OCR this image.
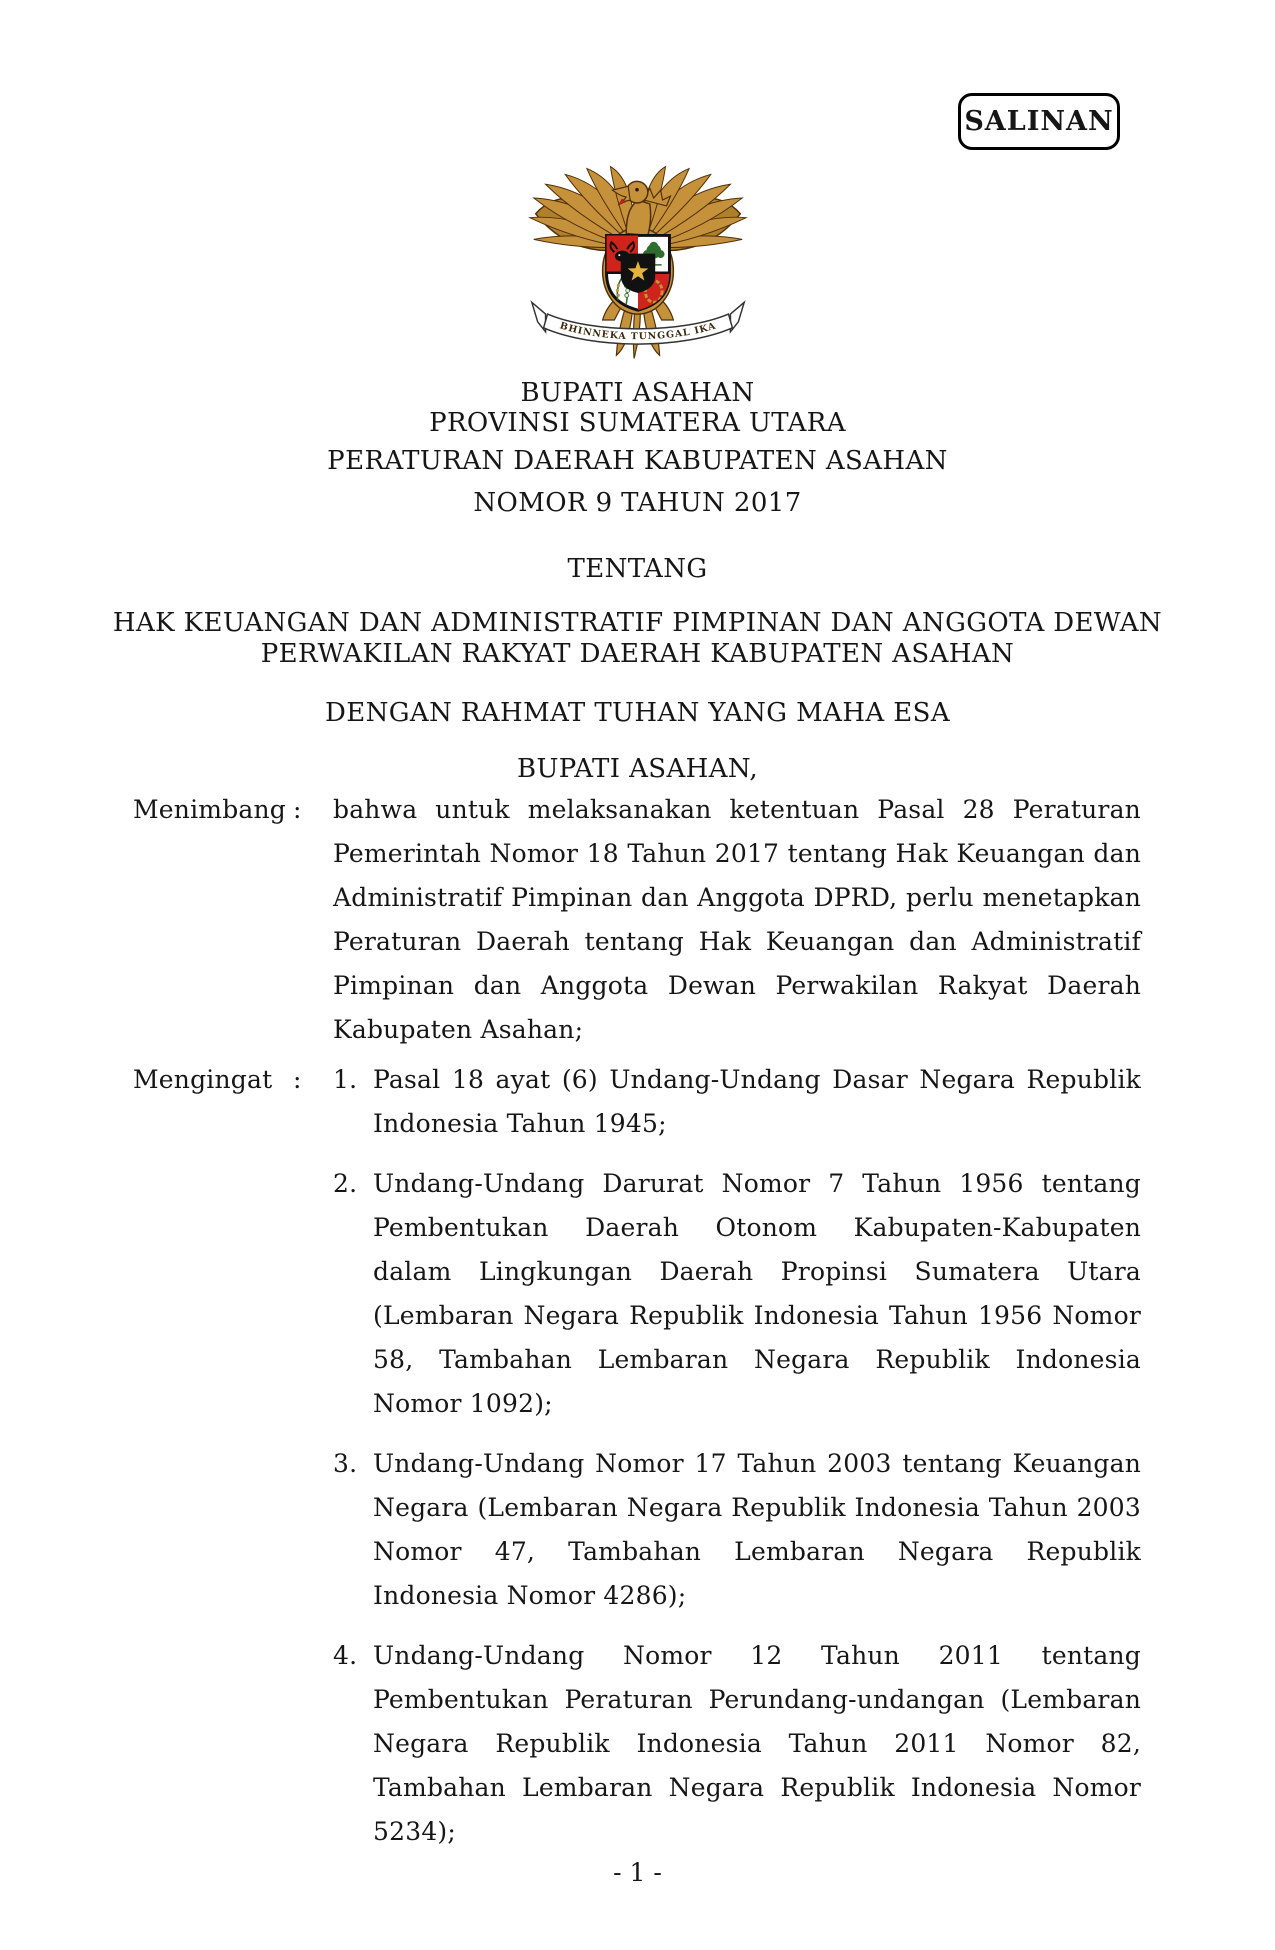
SALINAN
BHINNEKA TUNGGAL IKA
BUPATI ASAHAN
PROVINSI SUMATERA UTARA
PERATURAN DAERAH KABUPATEN ASAHAN
NOMOR 9 TAHUN 2017
TENTANG
HAK KEUANGAN DAN ADMINISTRATIF PIMPINAN DAN ANGGOTA DEWAN
PERWAKILAN RAKYAT DAERAH KABUPATEN ASAHAN
DENGAN RAHMAT TUHAN YANG MAHA ESA
BUPATI ASAHAN,
Menimbang :	bahwa untuk melaksanakan ketentuan Pasal 28 Peraturan Pemerintah Nomor 18 Tahun 2017 tentang Hak Keuangan dan Administratif Pimpinan dan Anggota DPRD, perlu menetapkan Peraturan Daerah tentang Hak Keuangan dan Administratif Pimpinan dan Anggota Dewan Perwakilan Rakyat Daerah Kabupaten Asahan;
Mengingat :	1. Pasal 18 ayat (6) Undang-Undang Dasar Negara Republik Indonesia Tahun 1945;
2. Undang-Undang Darurat Nomor 7 Tahun 1956 tentang Pembentukan Daerah Otonom Kabupaten-Kabupaten dalam Lingkungan Daerah Propinsi Sumatera Utara (Lembaran Negara Republik Indonesia Tahun 1956 Nomor 58, Tambahan Lembaran Negara Republik Indonesia Nomor 1092);
3. Undang-Undang Nomor 17 Tahun 2003 tentang Keuangan Negara (Lembaran Negara Republik Indonesia Tahun 2003 Nomor 47, Tambahan Lembaran Negara Republik Indonesia Nomor 4286);
4. Undang-Undang Nomor 12 Tahun 2011 tentang Pembentukan Peraturan Perundang-undangan (Lembaran Negara Republik Indonesia Tahun 2011 Nomor 82, Tambahan Lembaran Negara Republik Indonesia Nomor 5234);
- 1 -
